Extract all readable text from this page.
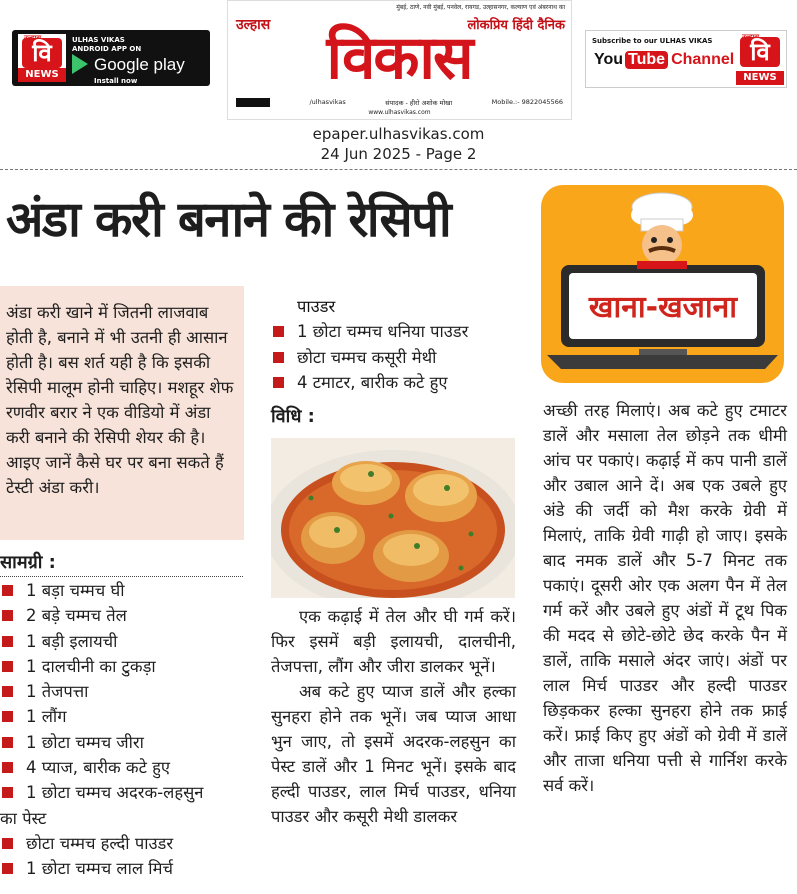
वि
NEWS
ULHAS VIKAS
ANDROID APP ON
Google play
Install now
मुंबई, ठाणे, नवी मुंबई, पनवेल, रायगड, उल्हासनगर, कल्याण एवं अंबरनाथ का
उल्हास	लोकप्रिय हिंदी दैनिक
विकास
/ulhasvikas	संपादक - हीरो अशोक मोखा	Mobile.:- 9822045566
www.ulhasvikas.com
Subscribe to our ULHAS VIKAS
You Tube Channel वि
NEWS
epaper.ulhasvikas.com
24 Jun 2025 - Page 2
अंडा करी बनाने की रेसिपी
अंडा करी खाने में जितनी लाजवाब होती है, बनाने में भी उतनी ही आसान होती है। बस शर्त यही है कि इसकी रेसिपी मालूम होनी चाहिए। मशहूर शेफ रणवीर बरार ने एक वीडियो में अंडा करी बनाने की रेसिपी शेयर की है। आइए जानें कैसे घर पर बना सकते हैं टेस्टी अंडा करी।
सामग्री :
1 बड़ा चम्मच घी
2 बड़े चम्मच तेल
1 बड़ी इलायची
1 दालचीनी का टुकड़ा
1 तेजपत्ता
1 लौंग
1 छोटा चम्मच जीरा
4 प्याज, बारीक कटे हुए
1 छोटा चम्मच अदरक-लहसुन
का पेस्ट
छोटा चम्मच हल्दी पाउडर
1 छोटा चम्मच लाल मिर्च
पाउडर
1 छोटा चम्मच धनिया पाउडर
छोटा चम्मच कसूरी मेथी
4 टमाटर, बारीक कटे हुए
विधि :

एक कढ़ाई में तेल और घी गर्म करें। फिर इसमें बड़ी इलायची, दालचीनी, तेजपत्ता, लौंग और जीरा डालकर भूनें।

अब कटे हुए प्याज डालें और हल्का सुनहरा होने तक भूनें। जब प्याज आधा भुन जाए, तो इसमें अदरक-लहसुन का पेस्ट डालें और 1 मिनट भूनें। इसके बाद हल्दी पाउडर, लाल मिर्च पाउडर, धनिया पाउडर और कसूरी मेथी डालकर

खाना-खजाना

अच्छी तरह मिलाएं। अब कटे हुए टमाटर डालें और मसाला तेल छोड़ने तक धीमी आंच पर पकाएं। कढ़ाई में कप पानी डालें और उबाल आने दें। अब एक उबले हुए अंडे की जर्दी को मैश करके ग्रेवी में मिलाएं, ताकि ग्रेवी गाढ़ी हो जाए। इसके बाद नमक डालें और 5-7 मिनट तक पकाएं। दूसरी ओर एक अलग पैन में तेल गर्म करें और उबले हुए अंडों में टूथ पिक की मदद से छोटे-छोटे छेद करके पैन में डालें, ताकि मसाले अंदर जाएं। अंडों पर लाल मिर्च पाउडर और हल्दी पाउडर छिड़ककर हल्का सुनहरा होने तक फ्राई करें। फ्राई किए हुए अंडों को ग्रेवी में डालें और ताजा धनिया पत्ती से गार्निश करके सर्व करें।
